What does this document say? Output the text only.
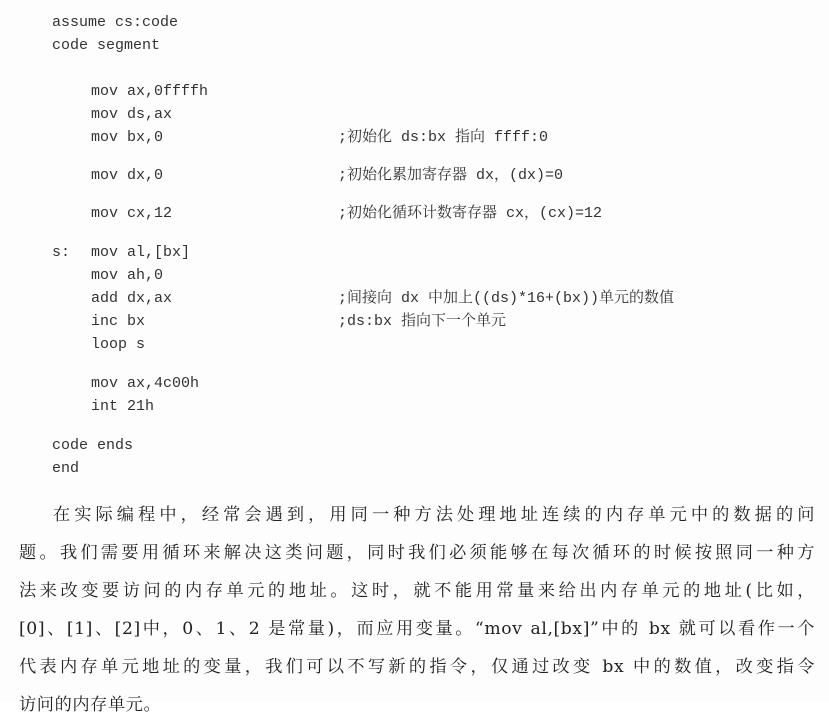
assume cs:code
code segment
mov ax,0ffffh
mov ds,ax
mov bx,0	;初始化 ds:bx 指向 ffff:0
mov dx,0	;初始化累加寄存器 dx，(dx)=0
mov cx,12	;初始化循环计数寄存器 cx，(cx)=12
s: mov al,[bx]
mov ah,0
add dx,ax	;间接向 dx 中加上((ds)*16+(bx))单元的数值
inc bx	;ds:bx 指向下一个单元
loop s
mov ax,4c00h
int 21h
code ends
end
在实际编程中，经常会遇到，用同一种方法处理地址连续的内存单元中的数据的问
题。我们需要用循环来解决这类问题，同时我们必须能够在每次循环的时候按照同一种方
法来改变要访问的内存单元的地址。这时，就不能用常量来给出内存单元的地址(比如，
[0]、[1]、[2]中，0、1、2 是常量)，而应用变量。“mov al,[bx]”中的 bx 就可以看作一个
代表内存单元地址的变量，我们可以不写新的指令，仅通过改变 bx 中的数值，改变指令
访问的内存单元。
